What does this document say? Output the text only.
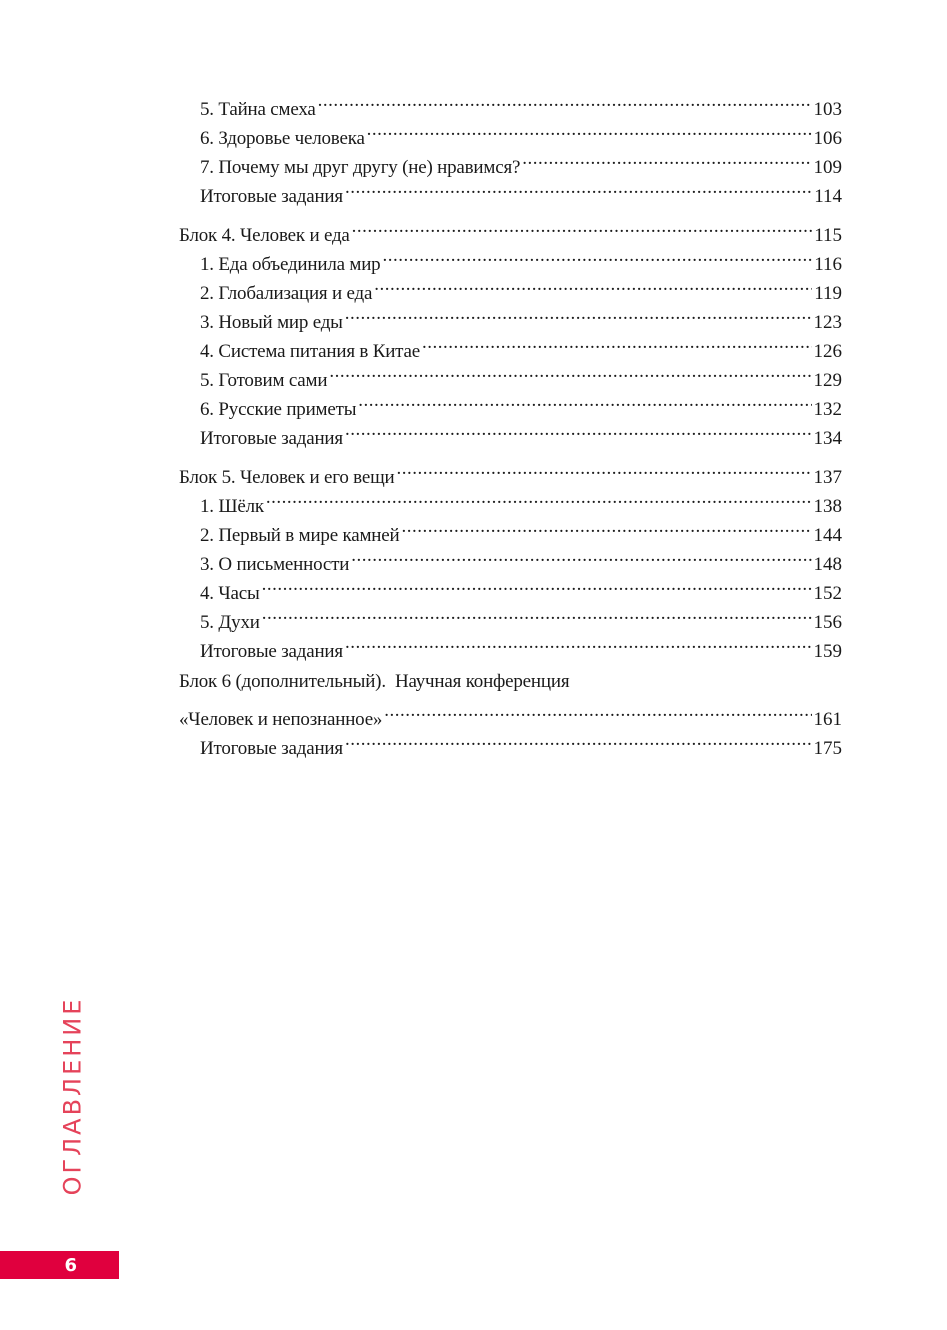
5. Тайна смеха .....	103
6. Здоровье человека .....	106
7. Почему мы друг другу (не) нравимся? .....	109
Итоговые задания .....	114
Блок 4. Человек и еда .....	115
1. Еда объединила мир .....	116
2. Глобализация и еда .....	119
3. Новый мир еды .....	123
4. Система питания в Китае .....	126
5. Готовим сами .....	129
6. Русские приметы .....	132
Итоговые задания .....	134
Блок 5. Человек и его вещи .....	137
1. Шёлк .....	138
2. Первый в мире камней .....	144
3. О письменности .....	148
4. Часы .....	152
5. Духи .....	156
Итоговые задания .....	159
Блок 6 (дополнительный).  Научная конференция
«Человек и непознанное» .....	161
Итоговые задания .....	175
ОГЛАВЛЕНИЕ
6
